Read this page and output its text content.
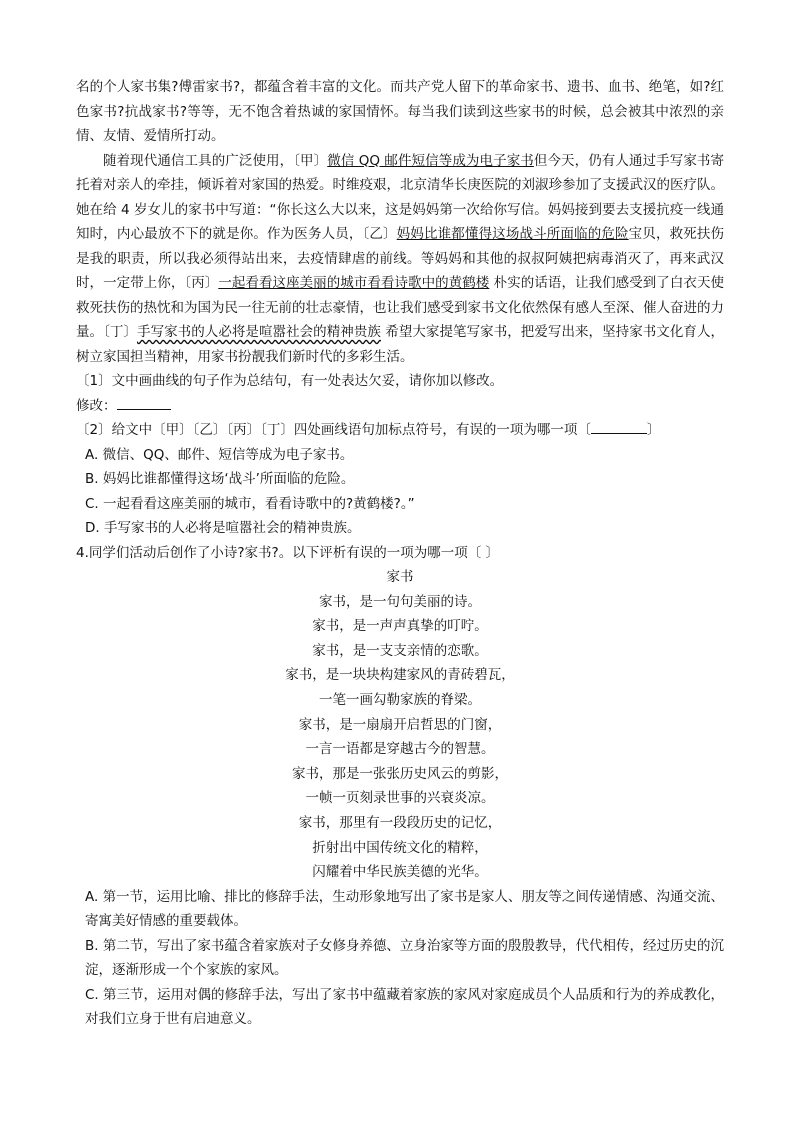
名的个人家书集?傅雷家书?，都蕴含着丰富的文化。而共产党人留下的革命家书、遗书、血书、绝笔，如?红色家书?抗战家书?等等，无不饱含着热诚的家国情怀。每当我们读到这些家书的时候，总会被其中浓烈的亲情、友情、爱情所打动。

随着现代通信工具的广泛使用，〔甲〕微信 QQ 邮件短信等成为电子家书但今天，仍有人通过手写家书寄托着对亲人的牵挂，倾诉着对家国的热爱。时维疫艰，北京清华长庚医院的刘淑珍参加了支援武汉的医疗队。她在给 4 岁女儿的家书中写道：“你长这么大以来，这是妈妈第一次给你写信。妈妈接到要去支援抗疫一线通知时，内心最放不下的就是你。作为医务人员，〔乙〕妈妈比谁都懂得这场战斗所面临的危险宝贝，救死扶伤是我的职责，所以我必须得站出来，去疫情肆虐的前线。等妈妈和其他的叔叔阿姨把病毒消灭了，再来武汉时，一定带上你，〔丙〕一起看看这座美丽的城市看看诗歌中的黄鹤楼 朴实的话语，让我们感受到了白衣天使救死扶伤的热忱和为国为民一往无前的壮志豪情，也让我们感受到家书文化依然保有感人至深、催人奋进的力量。〔丁〕手写家书的人必将是喧嚣社会的精神贵族 希望大家提笔写家书，把爱写出来，坚持家书文化育人，树立家国担当精神，用家书扮靓我们新时代的多彩生活。

〔1〕文中画曲线的句子作为总结句，有一处表达欠妥，请你加以修改。

修改：

〔2〕给文中〔甲〕〔乙〕〔丙〕〔丁〕四处画线语句加标点符号，有误的一项为哪一项〔	〕

A. 微信、QQ、邮件、短信等成为电子家书。

B. 妈妈比谁都懂得这场‘战斗’所面临的危险。

C. 一起看看这座美丽的城市，看看诗歌中的?黄鹤楼?。”

D. 手写家书的人必将是喧嚣社会的精神贵族。

4.同学们活动后创作了小诗?家书?。以下评析有误的一项为哪一项〔 〕

家书

家书，是一句句美丽的诗。

家书，是一声声真挚的叮咛。

家书，是一支支亲情的恋歌。

家书，是一块块构建家风的青砖碧瓦，

一笔一画勾勒家族的脊梁。

家书，是一扇扇开启哲思的门窗，

一言一语都是穿越古今的智慧。

家书，那是一张张历史风云的剪影，

一帧一页刻录世事的兴衰炎凉。

家书，那里有一段段历史的记忆，

折射出中国传统文化的精粹，

闪耀着中华民族美德的光华。

A. 第一节，运用比喻、排比的修辞手法，生动形象地写出了家书是家人、朋友等之间传递情感、沟通交流、寄寓美好情感的重要载体。

B. 第二节，写出了家书蕴含着家族对子女修身养德、立身治家等方面的殷殷教导，代代相传，经过历史的沉淀，逐渐形成一个个家族的家风。

C. 第三节，运用对偶的修辞手法，写出了家书中蕴藏着家族的家风对家庭成员个人品质和行为的养成教化，对我们立身于世有启迪意义。
